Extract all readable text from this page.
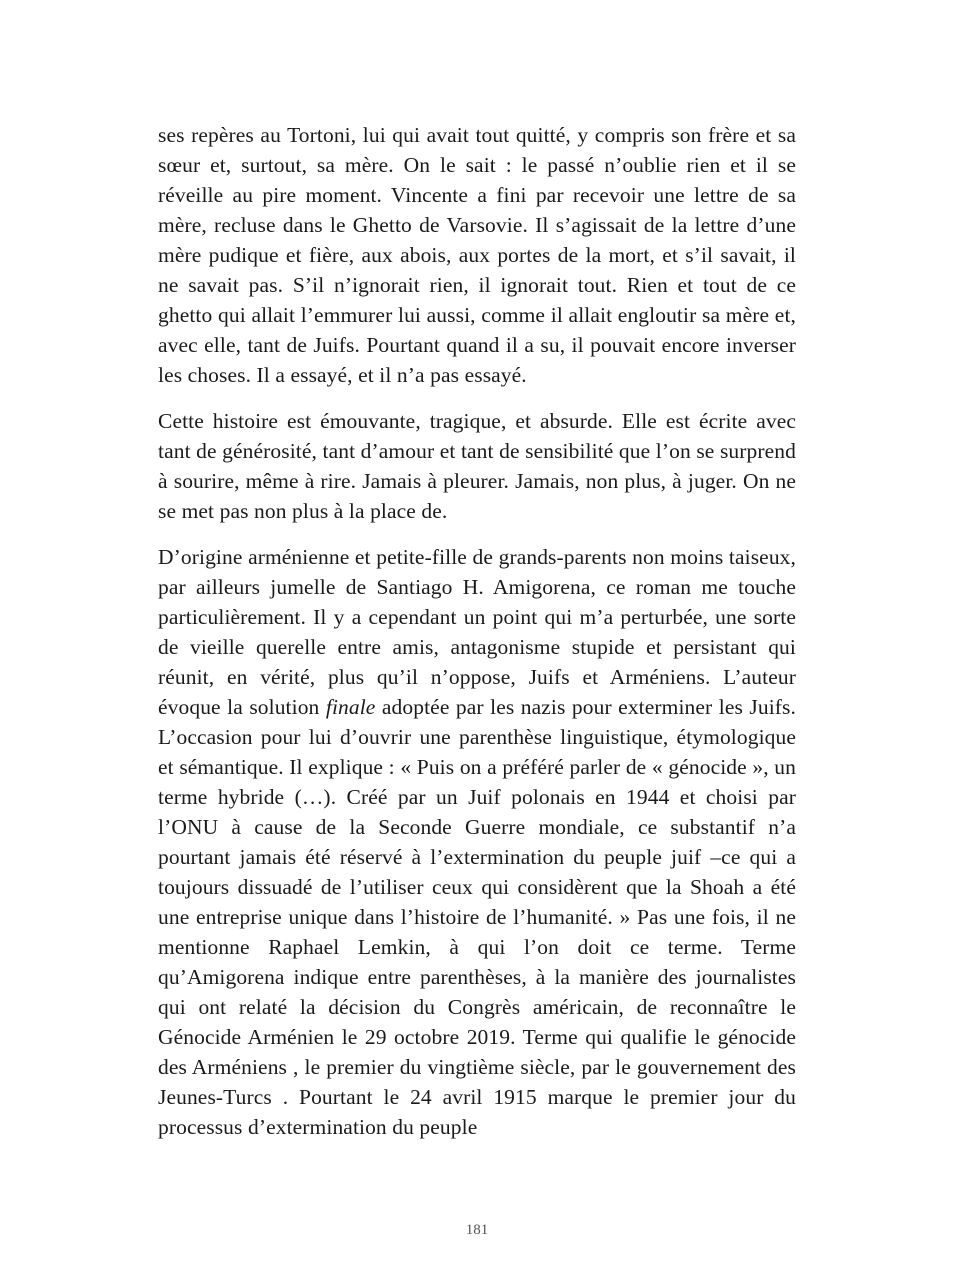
ses repères au Tortoni, lui qui avait tout quitté, y compris son frère et sa sœur et, surtout, sa mère. On le sait : le passé n’oublie rien et il se réveille au pire moment. Vincente a fini par recevoir une lettre de sa mère, recluse dans le Ghetto de Varsovie. Il s’agissait de la lettre d’une mère pudique et fière, aux abois, aux portes de la mort, et s’il savait, il ne savait pas. S’il n’ignorait rien, il ignorait tout. Rien et tout de ce ghetto qui allait l’emmurer lui aussi, comme il allait engloutir sa mère et, avec elle, tant de Juifs. Pourtant quand il a su, il pouvait encore inverser les choses. Il a essayé, et il n’a pas essayé.

Cette histoire est émouvante, tragique, et absurde. Elle est écrite avec tant de générosité, tant d’amour et tant de sensibilité que l’on se surprend à sourire, même à rire. Jamais à pleurer. Jamais, non plus, à juger. On ne se met pas non plus à la place de.

D’origine arménienne et petite-fille de grands-parents non moins taiseux, par ailleurs jumelle de Santiago H. Amigorena, ce roman me touche particulièrement. Il y a cependant un point qui m’a perturbée, une sorte de vieille querelle entre amis, antagonisme stupide et persistant qui réunit, en vérité, plus qu’il n’oppose, Juifs et Arméniens. L’auteur évoque la solution finale adoptée par les nazis pour exterminer les Juifs. L’occasion pour lui d’ouvrir une parenthèse linguistique, étymologique et sémantique. Il explique : « Puis on a préféré parler de « génocide », un terme hybride (…). Créé par un Juif polonais en 1944 et choisi par l’ONU à cause de la Seconde Guerre mondiale, ce substantif n’a pourtant jamais été réservé à l’extermination du peuple juif –ce qui a toujours dissuadé de l’utiliser ceux qui considèrent que la Shoah a été une entreprise unique dans l’histoire de l’humanité. » Pas une fois, il ne mentionne Raphael Lemkin, à qui l’on doit ce terme. Terme qu’Amigorena indique entre parenthèses, à la manière des journalistes qui ont relaté la décision du Congrès américain, de reconnaître le Génocide Arménien le 29 octobre 2019. Terme qui qualifie le génocide des Arméniens , le premier du vingtième siècle, par le gouvernement des Jeunes-Turcs . Pourtant le 24 avril 1915 marque le premier jour du processus d’extermination du peuple

181
